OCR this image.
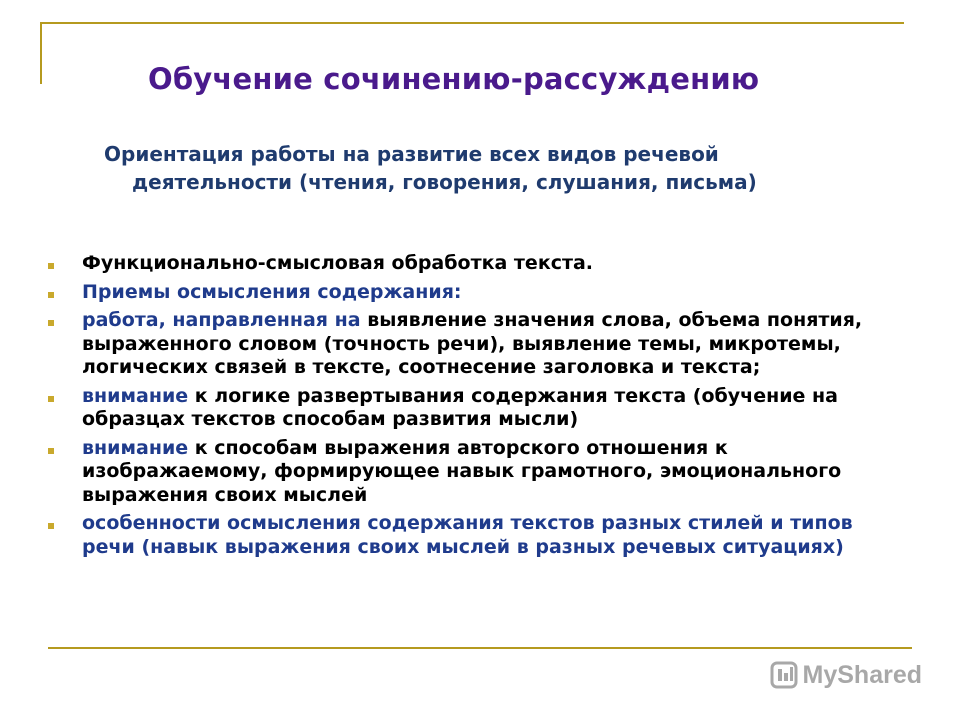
Обучение сочинению-рассуждению

Ориентация работы на развитие всех видов речевой
деятельности (чтения, говорения, слушания, письма)

Функционально-смысловая обработка текста.
Приемы осмысления содержания:
работа, направленная на выявление значения слова, объема понятия, выраженного словом (точность речи), выявление темы, микротемы, логических связей в тексте, соотнесение заголовка и текста;
внимание к логике развертывания содержания текста (обучение на образцах текстов способам развития мысли)
внимание к способам выражения авторского отношения к изображаемому, формирующее навык грамотного, эмоционального выражения своих мыслей
особенности осмысления содержания текстов разных стилей и типов речи (навык выражения своих мыслей в разных речевых ситуациях)
MyShared
